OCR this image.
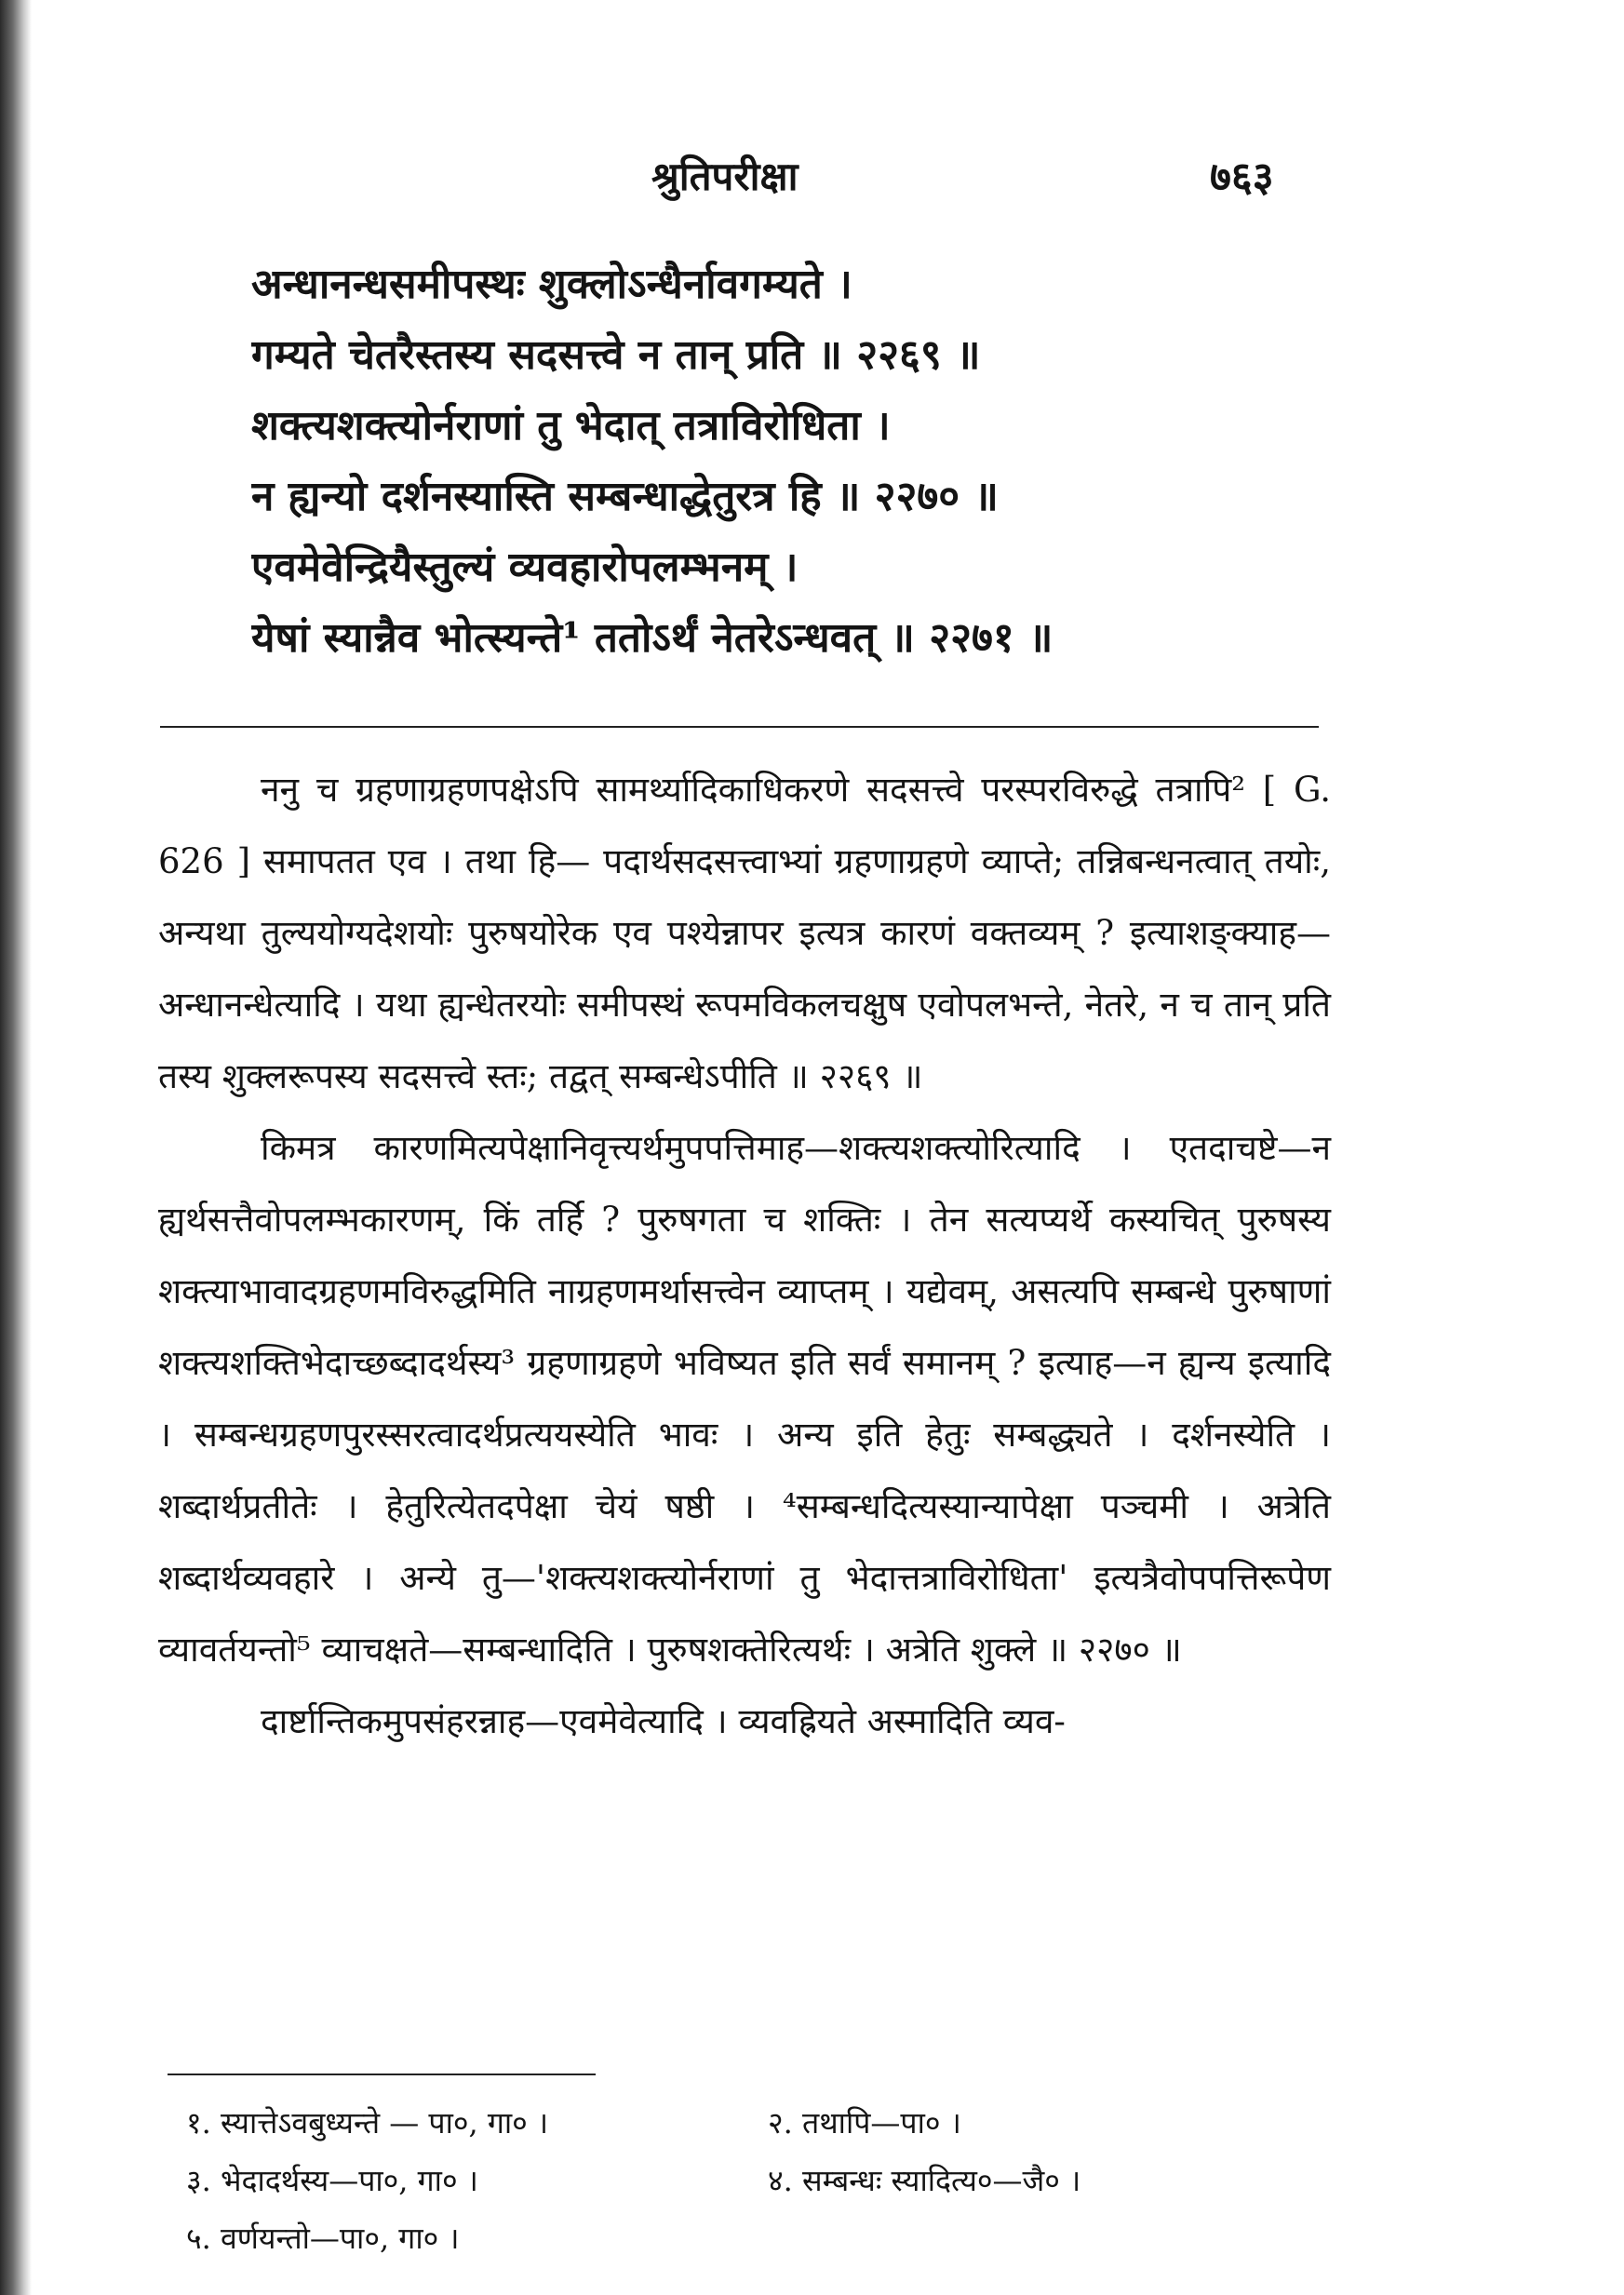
श्रुतिपरीक्षा	७६३
अन्धानन्धसमीपस्थः शुक्लोऽन्धैर्नावगम्यते ।
गम्यते चेतरैस्तस्य सदसत्त्वे न तान् प्रति ॥ २२६९ ॥
शक्त्यशक्त्योर्नराणां तु भेदात् तत्राविरोधिता ।
न ह्यन्यो दर्शनस्यास्ति सम्बन्धाद्धेतुरत्र हि ॥ २२७० ॥
एवमेवेन्द्रियैस्तुल्यं व्यवहारोपलम्भनम् ।
येषां स्यान्नैव भोत्स्यन्ते¹ ततोऽर्थं नेतरेऽन्धवत् ॥ २२७१ ॥

ननु च ग्रहणाग्रहणपक्षेऽपि सामर्थ्यादिकाधिकरणे सदसत्त्वे परस्परविरुद्धे तत्रापि² [ G. 626 ] समापतत एव । तथा हि— पदार्थसदसत्त्वाभ्यां ग्रहणाग्रहणे व्याप्ते; तन्निबन्धनत्वात् तयोः, अन्यथा तुल्ययोग्यदेशयोः पुरुषयोरेक एव पश्येन्नापर इत्यत्र कारणं वक्तव्यम् ? इत्याशङ्क्याह—अन्धानन्धेत्यादि । यथा ह्यन्धेतरयोः समीपस्थं रूपमविकलचक्षुष एवोपलभन्ते, नेतरे, न च तान् प्रति तस्य शुक्लरूपस्य सदसत्त्वे स्तः; तद्वत् सम्बन्धेऽपीति ॥ २२६९ ॥

किमत्र कारणमित्यपेक्षानिवृत्त्यर्थमुपपत्तिमाह—शक्त्यशक्त्योरित्यादि । एतदाचष्टे—न ह्यर्थसत्तैवोपलम्भकारणम्, किं तर्हि ? पुरुषगता च शक्तिः । तेन सत्यप्यर्थे कस्यचित् पुरुषस्य शक्त्याभावादग्रहणमविरुद्धमिति नाग्रहणमर्थासत्त्वेन व्याप्तम् । यद्येवम्, असत्यपि सम्बन्धे पुरुषाणां शक्त्यशक्तिभेदाच्छब्दादर्थस्य³ ग्रहणाग्रहणे भविष्यत इति सर्वं समानम् ? इत्याह—न ह्यन्य इत्यादि । सम्बन्धग्रहणपुरस्सरत्वादर्थप्रत्ययस्येति भावः । अन्य इति हेतुः सम्बद्ध्यते । दर्शनस्येति । शब्दार्थप्रतीतेः । हेतुरित्येतदपेक्षा चेयं षष्ठी । ⁴सम्बन्धदित्यस्यान्यापेक्षा पञ्चमी । अत्रेति शब्दार्थव्यवहारे । अन्ये तु—'शक्त्यशक्त्योर्नराणां तु भेदात्तत्राविरोधिता' इत्यत्रैवोपपत्तिरूपेण व्यावर्तयन्तो⁵ व्याचक्षते—सम्बन्धादिति । पुरुषशक्तेरित्यर्थः । अत्रेति शुक्ले ॥ २२७० ॥

दार्ष्टान्तिकमुपसंहरन्नाह—एवमेवेत्यादि । व्यवह्रियते अस्मादिति व्यव-

१. स्यात्तेऽवबुध्यन्ते — पा०, गा० ।	२. तथापि—पा० ।
३. भेदादर्थस्य—पा०, गा० ।	४. सम्बन्धः स्यादित्य०—जै० ।
५. वर्णयन्तो—पा०, गा० ।
